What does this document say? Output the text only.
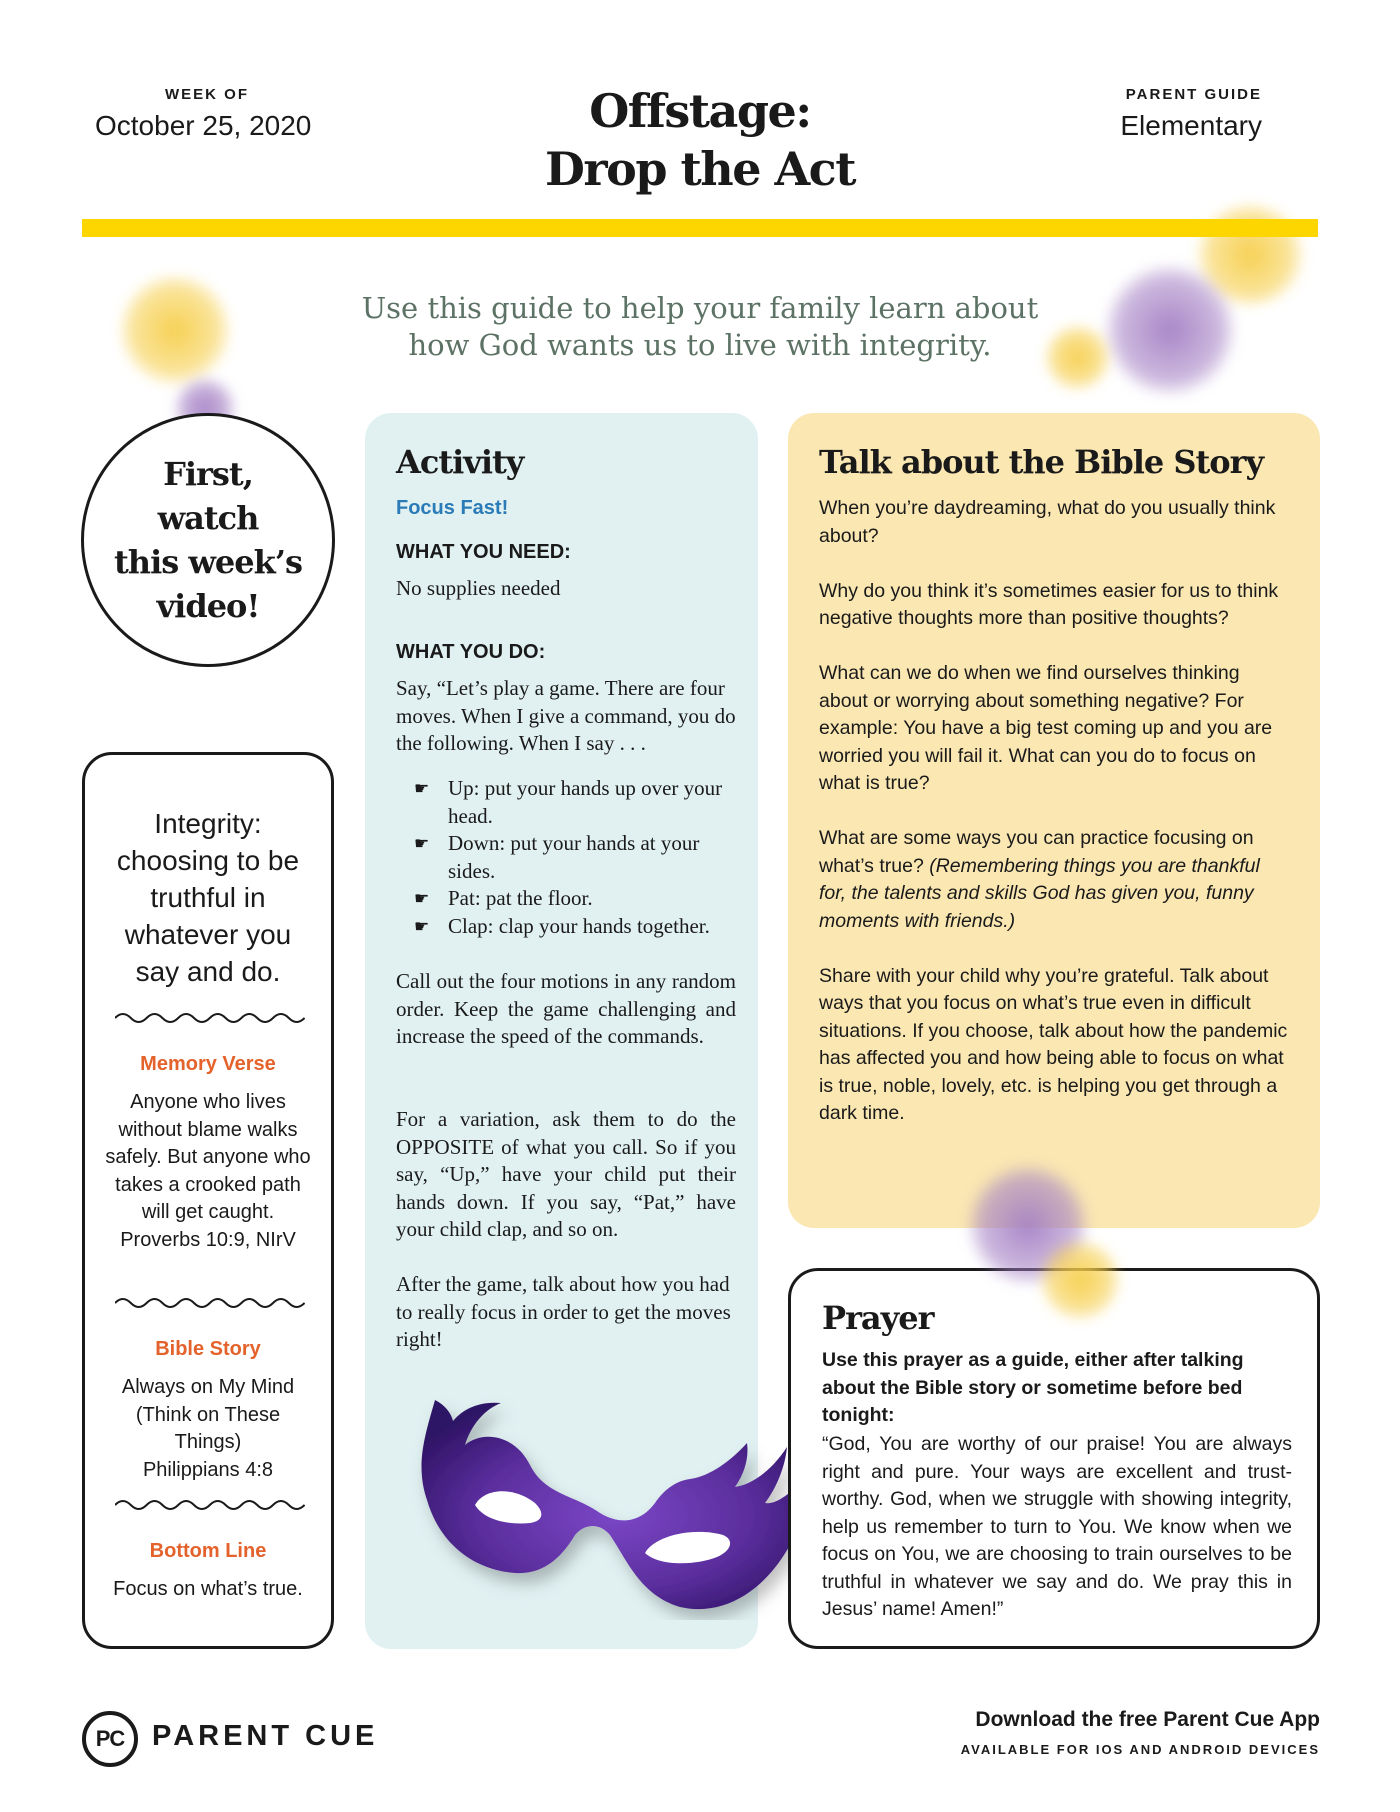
WEEK OF
October 25, 2020	Offstage:
Drop the Act
PARENT GUIDE
Elementary
Use this guide to help your family learn about
how God wants us to live with integrity.
First, watch
this week’s
video!
Integrity: choosing to be truthful in whatever you say and do.
Memory Verse
Anyone who lives without blame walks safely. But anyone who takes a crooked path will get caught.
Proverbs 10:9, NIrV
Bible Story
Always on My Mind (Think on These Things)
Philippians 4:8
Bottom Line
Focus on what’s true.
Activity
Focus Fast!
WHAT YOU NEED:
No supplies needed
WHAT YOU DO:
Say, “Let’s play a game. There are four moves. When I give a command, you do the following. When I say . . .
☛ Up: put your hands up over your head.
☛ Down: put your hands at your sides.
☛ Pat: pat the floor.
☛ Clap: clap your hands together.
Call out the four motions in any random order. Keep the game challenging and increase the speed of the commands.
For a variation, ask them to do the OPPOSITE of what you call. So if you say, “Up,” have your child put their hands down. If you say, “Pat,” have your child clap, and so on.
After the game, talk about how you had to really focus in order to get the moves right!
Talk about the Bible Story

When you’re daydreaming, what do you usually think about?

Why do you think it’s sometimes easier for us to think negative thoughts more than positive thoughts?

What can we do when we find ourselves thinking about or worrying about something negative? For example: You have a big test coming up and you are worried you will fail it. What can you do to focus on what is true?

What are some ways you can practice focusing on what’s true? (Remembering things you are thankful for, the talents and skills God has given you, funny moments with friends.)

Share with your child why you’re grateful. Talk about ways that you focus on what’s true even in difficult situations. If you choose, talk about how the pandemic has affected you and how being able to focus on what is true, noble, lovely, etc. is helping you get through a dark time.

Prayer
Use this prayer as a guide, either after talking about the Bible story or sometime before bed tonight:
“God, You are worthy of our praise! You are always right and pure. Your ways are excellent and trust-worthy. God, when we struggle with showing integrity, help us remember to turn to You. We know when we focus on You, we are choosing to train ourselves to be truthful in whatever we say and do. We pray this in Jesus’ name! Amen!”
PC PARENT CUE
Download the free Parent Cue App
AVAILABLE FOR IOS AND ANDROID DEVICES
